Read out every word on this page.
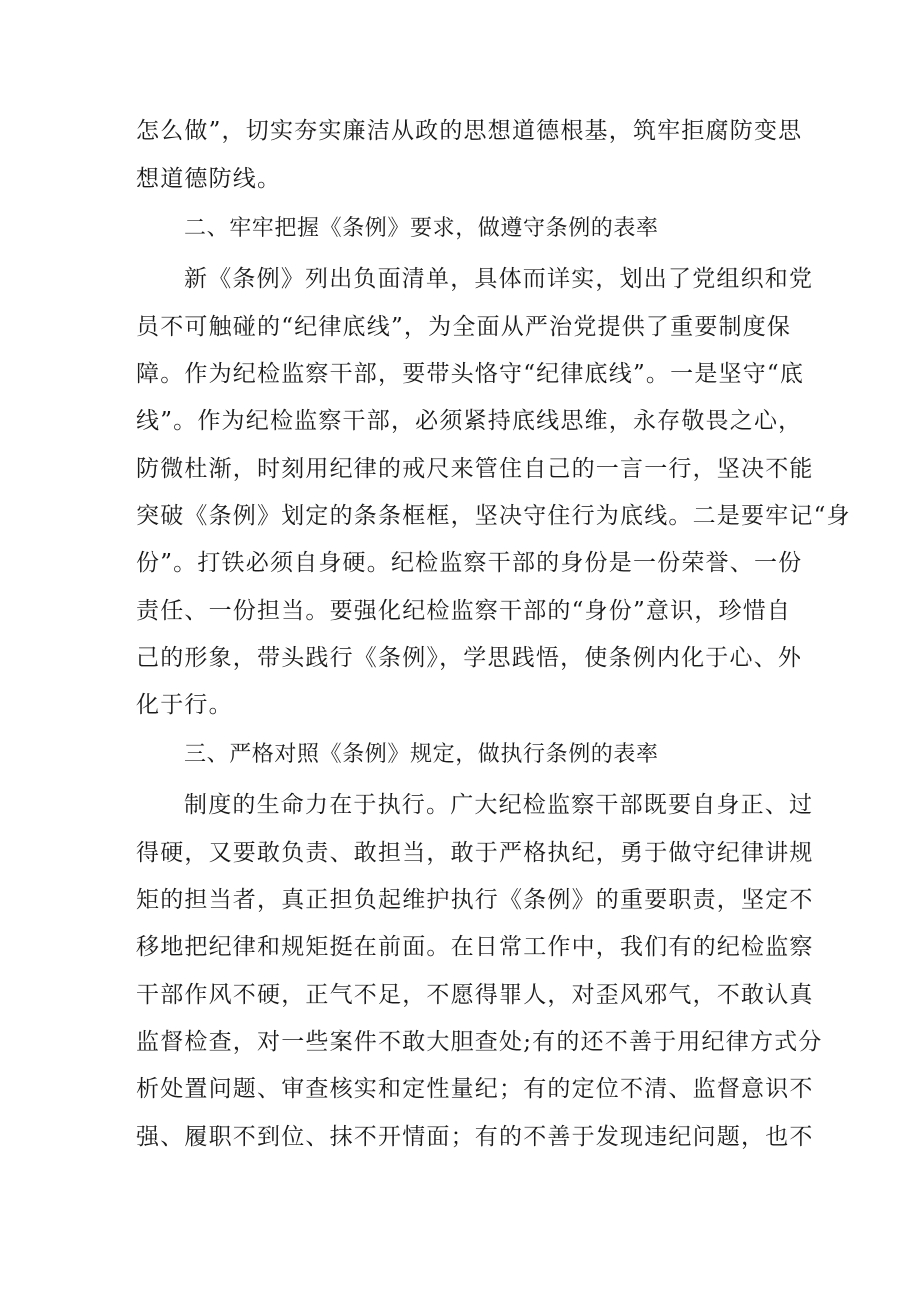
怎么做”，切实夯实廉洁从政的思想道德根基，筑牢拒腐防变思
想道德防线。
二、牢牢把握《条例》要求，做遵守条例的表率
新《条例》列出负面清单，具体而详实，划出了党组织和党
员不可触碰的“纪律底线”，为全面从严治党提供了重要制度保
障。作为纪检监察干部，要带头恪守“纪律底线”。一是坚守“底
线”。作为纪检监察干部，必须紧持底线思维，永存敬畏之心，
防微杜渐，时刻用纪律的戒尺来管住自己的一言一行，坚决不能
突破《条例》划定的条条框框，坚决守住行为底线。二是要牢记“身
份”。打铁必须自身硬。纪检监察干部的身份是一份荣誉、一份
责任、一份担当。要强化纪检监察干部的“身份”意识，珍惜自
己的形象，带头践行《条例》，学思践悟，使条例内化于心、外
化于行。
三、严格对照《条例》规定，做执行条例的表率
制度的生命力在于执行。广大纪检监察干部既要自身正、过
得硬，又要敢负责、敢担当，敢于严格执纪，勇于做守纪律讲规
矩的担当者，真正担负起维护执行《条例》的重要职责，坚定不
移地把纪律和规矩挺在前面。在日常工作中，我们有的纪检监察
干部作风不硬，正气不足，不愿得罪人，对歪风邪气，不敢认真
监督检查，对一些案件不敢大胆查处;有的还不善于用纪律方式分
析处置问题、审查核实和定性量纪；有的定位不清、监督意识不
强、履职不到位、抹不开情面；有的不善于发现违纪问题，也不
